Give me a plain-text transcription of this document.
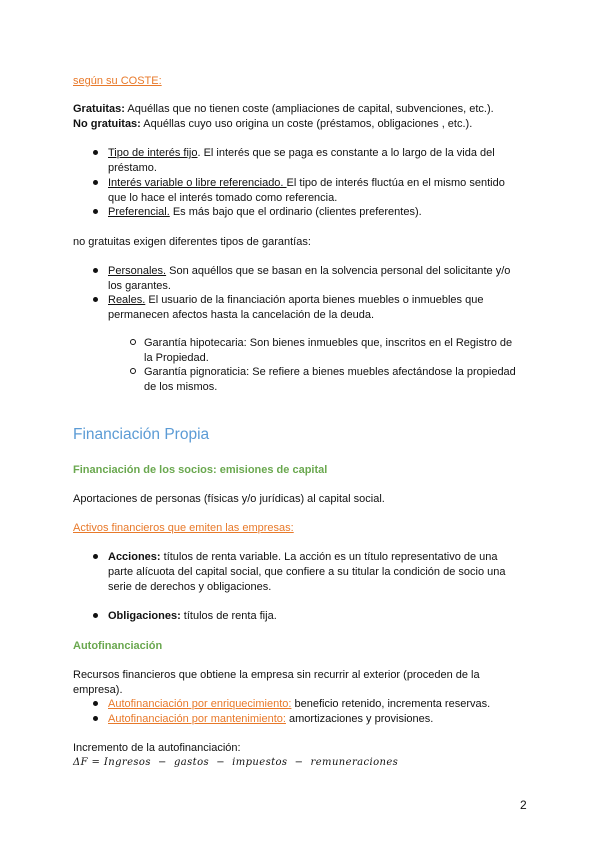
según su COSTE:
Gratuitas: Aquéllas que no tienen coste (ampliaciones de capital, subvenciones, etc.).
No gratuitas: Aquéllas cuyo uso origina un coste (préstamos, obligaciones , etc.).
Tipo de interés fijo. El interés que se paga es constante a lo largo de la vida del
préstamo.
Interés variable o libre referenciado. El tipo de interés fluctúa en el mismo sentido
que lo hace el interés tomado como referencia.
Preferencial. Es más bajo que el ordinario (clientes preferentes).
no gratuitas exigen diferentes tipos de garantías:
Personales. Son aquéllos que se basan en la solvencia personal del solicitante y/o
los garantes.
Reales. El usuario de la financiación aporta bienes muebles o inmuebles que
permanecen afectos hasta la cancelación de la deuda.
Garantía hipotecaria: Son bienes inmuebles que, inscritos en el Registro de
la Propiedad.
Garantía pignoraticia: Se refiere a bienes muebles afectándose la propiedad
de los mismos.
Financiación Propia
Financiación de los socios: emisiones de capital
Aportaciones de personas (físicas y/o jurídicas) al capital social.
Activos financieros que emiten las empresas:
Acciones: títulos de renta variable. La acción es un título representativo de una
parte alícuota del capital social, que confiere a su titular la condición de socio una
serie de derechos y obligaciones.
Obligaciones: títulos de renta fija.
Autofinanciación
Recursos financieros que obtiene la empresa sin recurrir al exterior (proceden de la
empresa).
Autofinanciación por enriquecimiento: beneficio retenido, incrementa reservas.
Autofinanciación por mantenimiento: amortizaciones y provisiones.
Incremento de la autofinanciación:
ΔF = Ingresos  −  gastos  −  impuestos  −  remuneraciones
2
